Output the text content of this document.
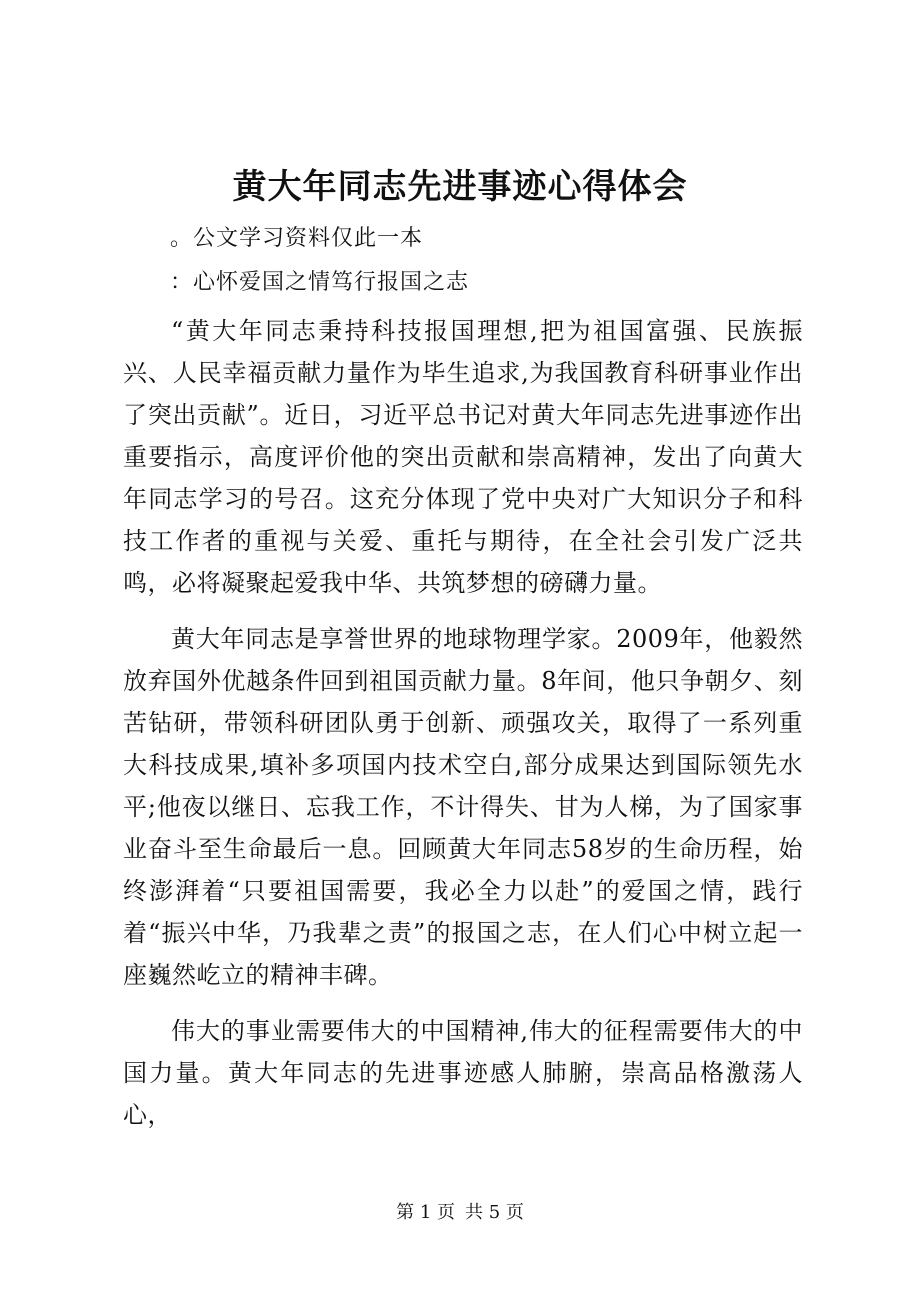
黄大年同志先进事迹心得体会
。公文学习资料仅此一本
：心怀爱国之情笃行报国之志

“黄大年同志秉持科技报国理想,把为祖国富强、民族振兴、人民幸福贡献力量作为毕生追求,为我国教育科研事业作出了突出贡献”。近日，习近平总书记对黄大年同志先进事迹作出重要指示，高度评价他的突出贡献和崇高精神，发出了向黄大年同志学习的号召。这充分体现了党中央对广大知识分子和科技工作者的重视与关爱、重托与期待，在全社会引发广泛共鸣，必将凝聚起爱我中华、共筑梦想的磅礴力量。

黄大年同志是享誉世界的地球物理学家。2009年，他毅然放弃国外优越条件回到祖国贡献力量。8年间，他只争朝夕、刻苦钻研，带领科研团队勇于创新、顽强攻关，取得了一系列重大科技成果,填补多项国内技术空白,部分成果达到国际领先水平;他夜以继日、忘我工作，不计得失、甘为人梯，为了国家事业奋斗至生命最后一息。回顾黄大年同志58岁的生命历程，始终澎湃着“只要祖国需要，我必全力以赴”的爱国之情，践行着“振兴中华，乃我辈之责”的报国之志，在人们心中树立起一座巍然屹立的精神丰碑。

伟大的事业需要伟大的中国精神,伟大的征程需要伟大的中国力量。黄大年同志的先进事迹感人肺腑，崇高品格激荡人心，

第 1 页 共 5 页
